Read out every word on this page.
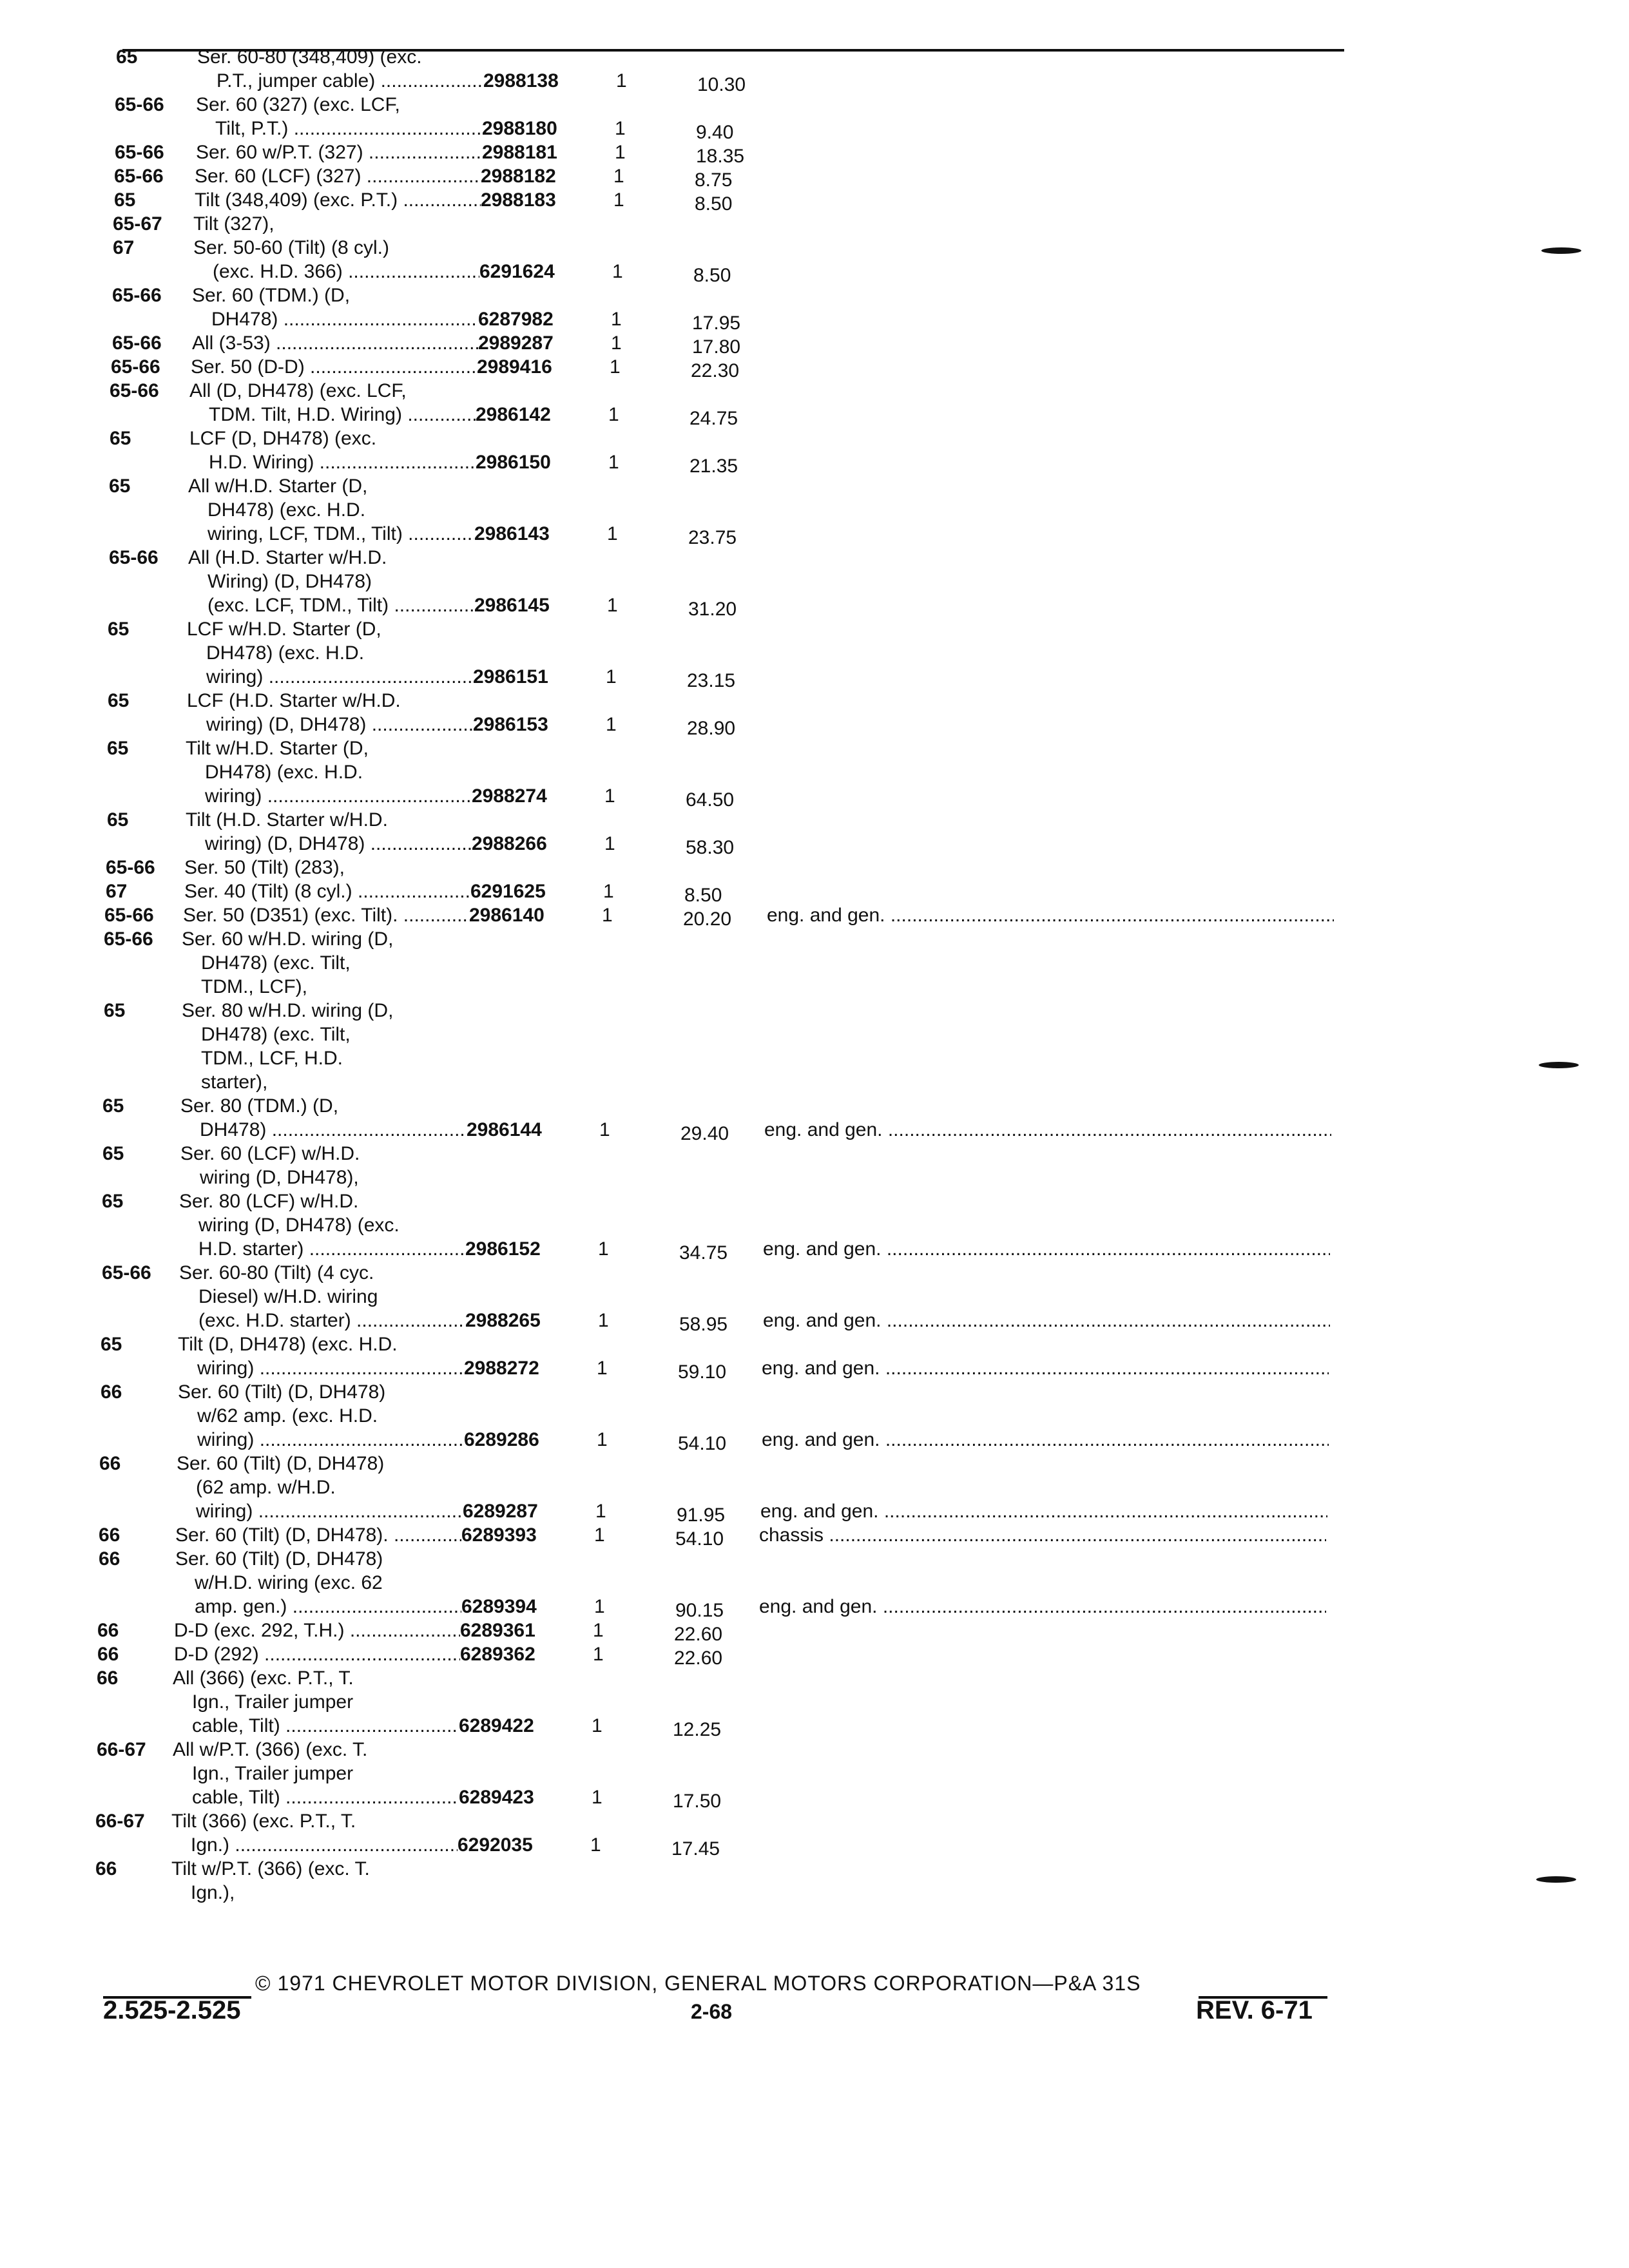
65	Ser. 60-80 (348,409) (exc.
P.T., jumper cable) .....	2988138	1	10.30
65-66 Ser. 60 (327) (exc. LCF,
Tilt, P.T.) .....	2988180	1	9.40
65-66 Ser. 60 w/P.T. (327) .....	2988181	1	18.35
65-66 Ser. 60 (LCF) (327) .....	2988182	1	8.75
65	Tilt (348,409) (exc. P.T.) .....	2988183	1	8.50
65-67 Tilt (327),
67	Ser. 50-60 (Tilt) (8 cyl.)
(exc. H.D. 366) .....	6291624	1	8.50
65-66 Ser. 60 (TDM.) (D,
DH478) .....	6287982	1	17.95
65-66 All (3-53) .....	2989287	1	17.80
65-66 Ser. 50 (D-D) .....	2989416	1	22.30
65-66 All (D, DH478) (exc. LCF,
TDM. Tilt, H.D. Wiring) .....	2986142	1	24.75
65	LCF (D, DH478) (exc.
H.D. Wiring) .....	2986150	1	21.35
65	All w/H.D. Starter (D,
DH478) (exc. H.D.
wiring, LCF, TDM., Tilt) .....	2986143	1	23.75
65-66 All (H.D. Starter w/H.D.
Wiring) (D, DH478)
(exc. LCF, TDM., Tilt) .....	2986145	1	31.20
65	LCF w/H.D. Starter (D,
DH478) (exc. H.D.
wiring) .....	2986151	1	23.15
65	LCF (H.D. Starter w/H.D.
wiring) (D, DH478) .....	2986153	1	28.90
65	Tilt w/H.D. Starter (D,
DH478) (exc. H.D.
wiring) .....	2988274	1	64.50
65	Tilt (H.D. Starter w/H.D.
wiring) (D, DH478) .....	2988266	1	58.30
65-66 Ser. 50 (Tilt) (283),
67	Ser. 40 (Tilt) (8 cyl.) .....	6291625	1	8.50
65-66 Ser. 50 (D351) (exc. Tilt). .....	2986140	1	20.20 eng. and gen. .....
65-66 Ser. 60 w/H.D. wiring (D,
DH478) (exc. Tilt,
TDM., LCF),
65	Ser. 80 w/H.D. wiring (D,
DH478) (exc. Tilt,
TDM., LCF, H.D.
starter),
65	Ser. 80 (TDM.) (D,
DH478) .....	2986144	1	29.40 eng. and gen. .....
65	Ser. 60 (LCF) w/H.D.
wiring (D, DH478),
65	Ser. 80 (LCF) w/H.D.
wiring (D, DH478) (exc.
H.D. starter) .....	2986152	1	34.75 eng. and gen. .....
65-66 Ser. 60-80 (Tilt) (4 cyc.
Diesel) w/H.D. wiring
(exc. H.D. starter) .....	2988265	1	58.95 eng. and gen. .....
65	Tilt (D, DH478) (exc. H.D.
wiring) .....	2988272	1	59.10 eng. and gen. .....
66	Ser. 60 (Tilt) (D, DH478)
w/62 amp. (exc. H.D.
wiring) .....	6289286	1	54.10 eng. and gen. .....
66	Ser. 60 (Tilt) (D, DH478)
(62 amp. w/H.D.
wiring) .....	6289287	1	91.95 eng. and gen. .....
66	Ser. 60 (Tilt) (D, DH478). .....	6289393	1	54.10 chassis .....
66	Ser. 60 (Tilt) (D, DH478)
w/H.D. wiring (exc. 62
amp. gen.) .....	6289394	1	90.15 eng. and gen. .....
66	D-D (exc. 292, T.H.) .....	6289361	1	22.60
66	D-D (292) .....	6289362	1	22.60
66	All (366) (exc. P.T., T.
Ign., Trailer jumper
cable, Tilt) .....	6289422	1	12.25
66-67 All w/P.T. (366) (exc. T.
Ign., Trailer jumper
cable, Tilt) .....	6289423	1	17.50
66-67 Tilt (366) (exc. P.T., T.
Ign.) .....	6292035	1	17.45
66	Tilt w/P.T. (366) (exc. T.
Ign.),
© 1971 CHEVROLET MOTOR DIVISION, GENERAL MOTORS CORPORATION—P&A 31S
2.525-2.525	2-68	REV. 6-71
